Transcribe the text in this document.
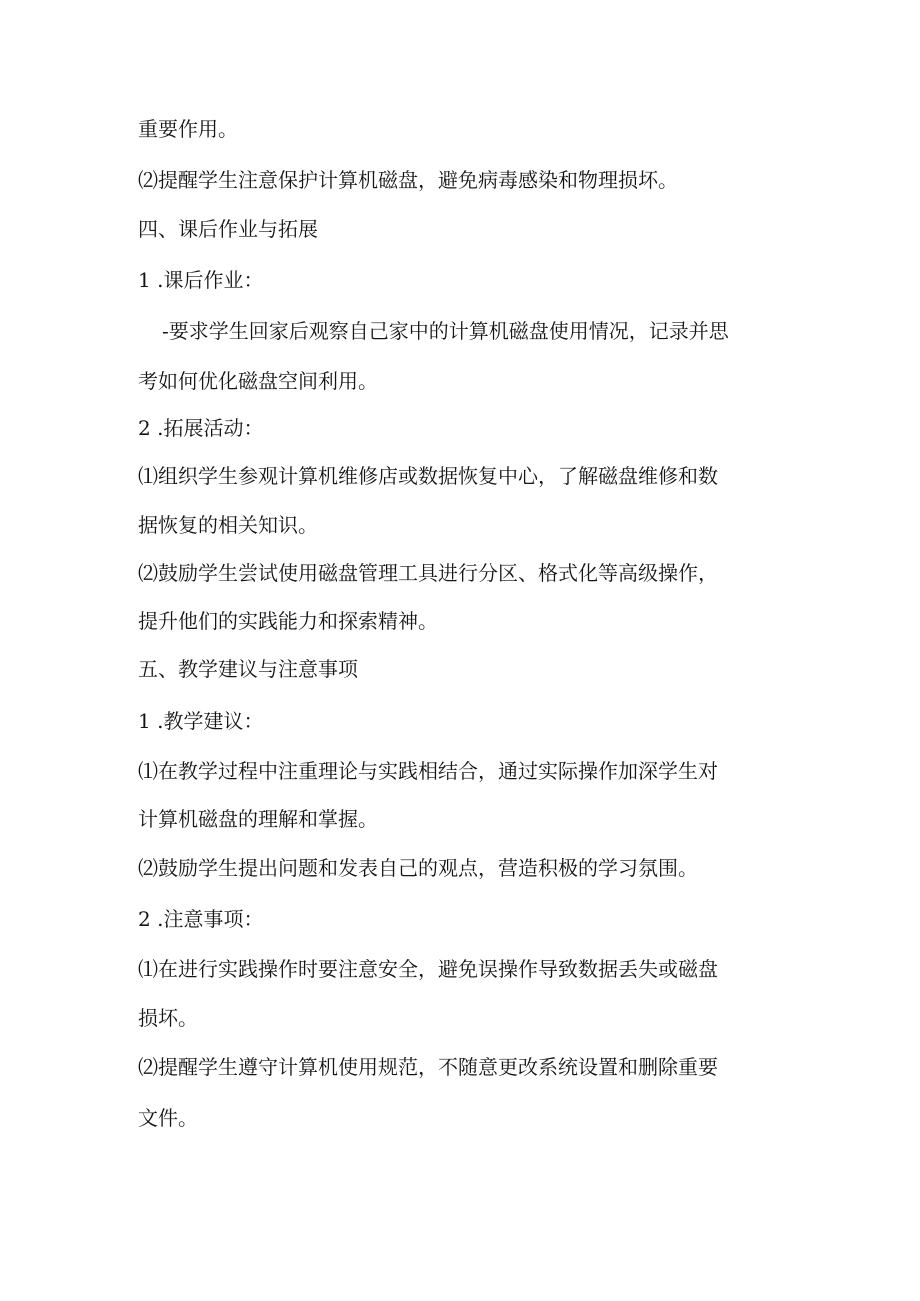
重要作用。
⑵提醒学生注意保护计算机磁盘，避免病毒感染和物理损坏。
四、课后作业与拓展
1 .课后作业：
-要求学生回家后观察自己家中的计算机磁盘使用情况，记录并思
考如何优化磁盘空间利用。
2 .拓展活动：
⑴组织学生参观计算机维修店或数据恢复中心，了解磁盘维修和数
据恢复的相关知识。
⑵鼓励学生尝试使用磁盘管理工具进行分区、格式化等高级操作，
提升他们的实践能力和探索精神。
五、教学建议与注意事项
1 .教学建议：
⑴在教学过程中注重理论与实践相结合，通过实际操作加深学生对
计算机磁盘的理解和掌握。
⑵鼓励学生提出问题和发表自己的观点，营造积极的学习氛围。
2 .注意事项：
⑴在进行实践操作时要注意安全，避免误操作导致数据丢失或磁盘
损坏。
⑵提醒学生遵守计算机使用规范，不随意更改系统设置和删除重要
文件。
